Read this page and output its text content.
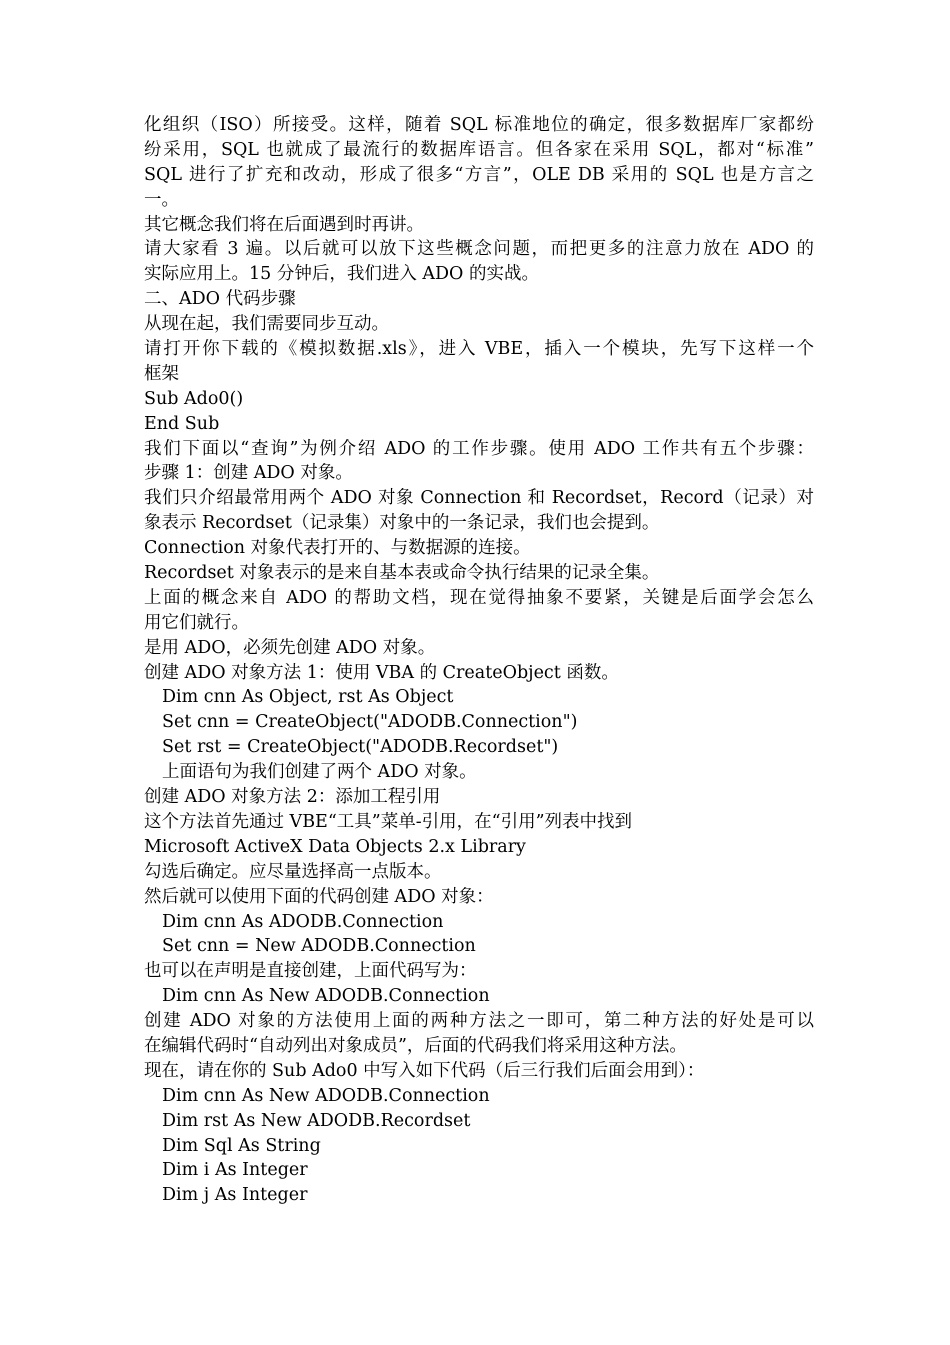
化组织（ISO）所接受。这样，随着 SQL 标准地位的确定，很多数据库厂家都纷
纷采用，SQL 也就成了最流行的数据库语言。但各家在采用 SQL，都对“标准”
SQL 进行了扩充和改动，形成了很多“方言”，OLE DB 采用的 SQL 也是方言之
一。
其它概念我们将在后面遇到时再讲。
请大家看 3 遍。以后就可以放下这些概念问题，而把更多的注意力放在 ADO 的
实际应用上。15 分钟后，我们进入 ADO 的实战。
二、ADO 代码步骤
从现在起，我们需要同步互动。
请打开你下载的《模拟数据.xls》，进入 VBE，插入一个模块，先写下这样一个
框架
Sub Ado0()
End Sub
我们下面以“查询”为例介绍 ADO 的工作步骤。使用 ADO 工作共有五个步骤：
步骤 1：创建 ADO 对象。
我们只介绍最常用两个 ADO 对象 Connection 和 Recordset，Record（记录）对
象表示 Recordset（记录集）对象中的一条记录，我们也会提到。
Connection 对象代表打开的、与数据源的连接。
Recordset 对象表示的是来自基本表或命令执行结果的记录全集。
上面的概念来自 ADO 的帮助文档，现在觉得抽象不要紧，关键是后面学会怎么
用它们就行。
是用 ADO，必须先创建 ADO 对象。
创建 ADO 对象方法 1：使用 VBA 的 CreateObject 函数。
Dim cnn As Object, rst As Object
Set cnn = CreateObject("ADODB.Connection")
Set rst = CreateObject("ADODB.Recordset")
上面语句为我们创建了两个 ADO 对象。
创建 ADO 对象方法 2：添加工程引用
这个方法首先通过 VBE“工具”菜单-引用，在“引用”列表中找到
Microsoft ActiveX Data Objects 2.x Library
勾选后确定。应尽量选择高一点版本。
然后就可以使用下面的代码创建 ADO 对象：
Dim cnn As ADODB.Connection
Set cnn = New ADODB.Connection
也可以在声明是直接创建，上面代码写为：
Dim cnn As New ADODB.Connection
创建 ADO 对象的方法使用上面的两种方法之一即可，第二种方法的好处是可以
在编辑代码时“自动列出对象成员”，后面的代码我们将采用这种方法。
现在，请在你的 Sub Ado0 中写入如下代码（后三行我们后面会用到）：
Dim cnn As New ADODB.Connection
Dim rst As New ADODB.Recordset
Dim Sql As String
Dim i As Integer
Dim j As Integer
